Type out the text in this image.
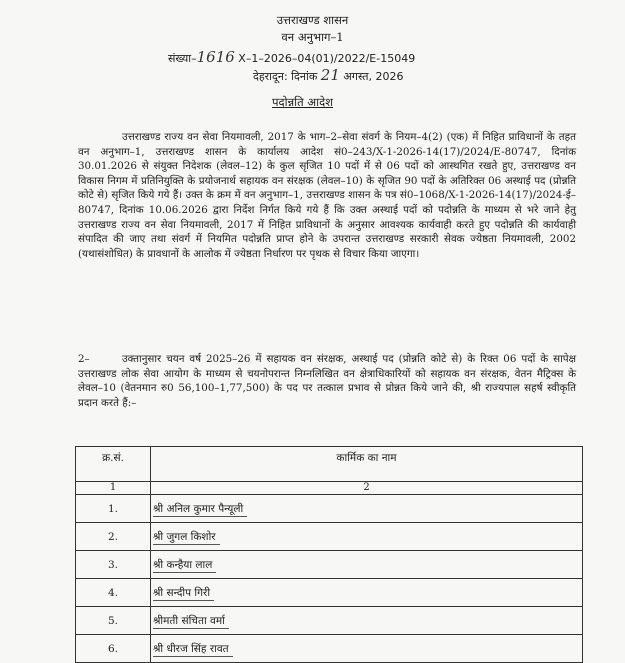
उत्तराखण्ड शासन
वन अनुभाग–1
संख्या–1616 X–1–2026–04(01)/2022/E-15049
देहरादून: दिनांक 21 अगस्त, 2026
पदोन्नति आदेश
उत्तराखण्ड राज्य वन सेवा नियमावली, 2017 के भाग–2–सेवा संवर्ग के नियम–4(2) (एक) में निहित प्राविधानों के तहत वन अनुभाग–1, उत्तराखण्ड शासन के कार्यालय आदेश सं0–243/X-1-2026-14(17)/2024/E-80747, दिनांक 30.01.2026 से संयुक्त निदेशक (लेवल–12) के कुल सृजित 10 पदों में से 06 पदों को आस्थगित रखते हुए, उत्तराखण्ड वन विकास निगम में प्रतिनियुक्ति के प्रयोजनार्थ सहायक वन संरक्षक (लेवल–10) के सृजित 90 पदों के अतिरिक्त 06 अस्थाई पद (प्रोन्नति कोटे से) सृजित किये गये हैं। उक्त के क्रम में वन अनुभाग–1, उत्तराखण्ड शासन के पत्र सं0–1068/X-1-2026-14(17)/2024-ई–80747, दिनांक 10.06.2026 द्वारा निर्देश निर्गत किये गये हैं कि उक्त अस्थाई पदों को पदोन्नति के माध्यम से भरे जाने हेतु उत्तराखण्ड राज्य वन सेवा नियमावली, 2017 में निहित प्राविधानों के अनुसार आवश्यक कार्यवाही करते हुए पदोन्नति की कार्यवाही संपादित की जाए तथा संवर्ग में नियमित पदोन्नति प्राप्त होने के उपरान्त उत्तराखण्ड सरकारी सेवक ज्येष्ठता नियमावली, 2002 (यथासंशोधित) के प्रावधानों के आलोक में ज्येष्ठता निर्धारण पर पृथक से विचार किया जाएगा।
2–	उक्तानुसार चयन वर्ष 2025–26 में सहायक वन संरक्षक, अस्थाई पद (प्रोन्नति कोटे से) के रिक्त 06 पदों के सापेक्ष उत्तराखण्ड लोक सेवा आयोग के माध्यम से चयनोपरान्त निम्नलिखित वन क्षेत्राधिकारियों को सहायक वन संरक्षक, वेतन मैट्रिक्स के लेवल–10 (वेतनमान रु0 56,100–1,77,500) के पद पर तत्काल प्रभाव से प्रोन्नत किये जाने की, श्री राज्यपाल सहर्ष स्वीकृति प्रदान करते हैं:–
क्र.सं.	कार्मिक का नाम
1	2
1.	श्री अनिल कुमार पैन्यूली
2.	श्री जुगल किशोर
3.	श्री कन्हैया लाल
4.	श्री सन्दीप गिरी
5.	श्रीमती संचिता वर्मा
6.	श्री धीरज सिंह रावत
